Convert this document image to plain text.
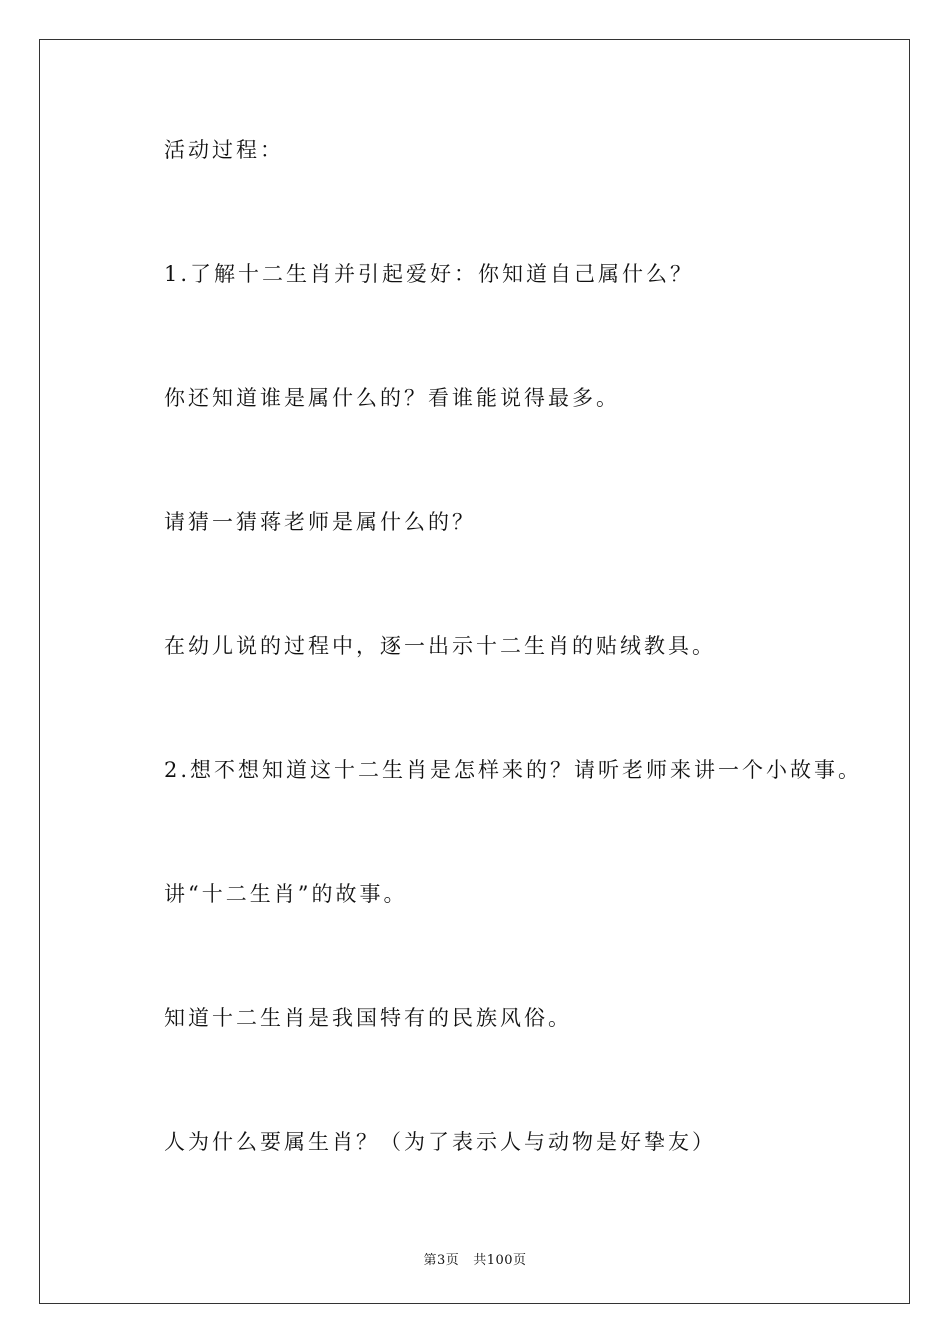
活动过程：

1.了解十二生肖并引起爱好：你知道自己属什么？

你还知道谁是属什么的？看谁能说得最多。

请猜一猜蒋老师是属什么的？

在幼儿说的过程中，逐一出示十二生肖的贴绒教具。

2.想不想知道这十二生肖是怎样来的？请听老师来讲一个小故事。

讲“十二生肖”的故事。

知道十二生肖是我国特有的民族风俗。

人为什么要属生肖？（为了表示人与动物是好挚友）

第3页 共100页
